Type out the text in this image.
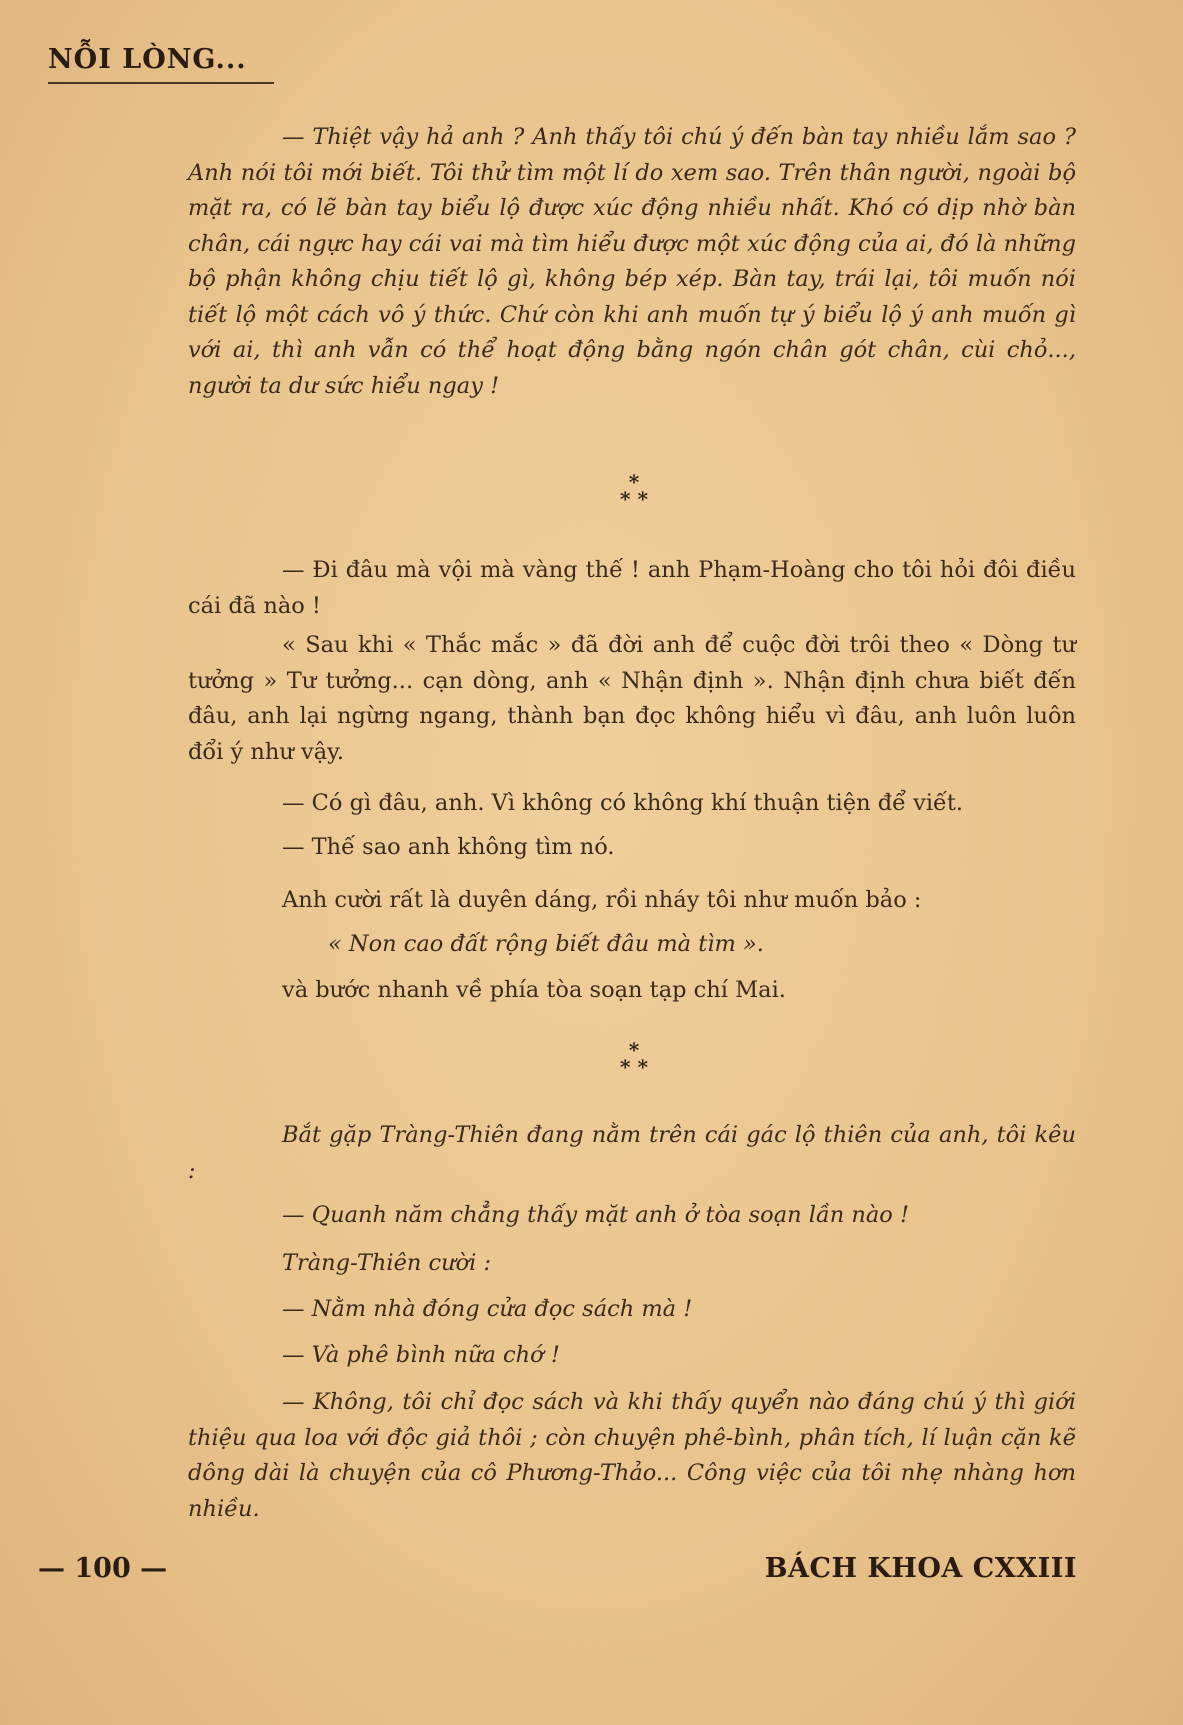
NỖI LÒNG...
— Thiệt vậy hả anh ? Anh thấy tôi chú ý đến bàn tay nhiều lắm sao ? Anh nói tôi mới biết. Tôi thử tìm một lí do xem sao. Trên thân người, ngoài bộ mặt ra, có lẽ bàn tay biểu lộ được xúc động nhiều nhất. Khó có dịp nhờ bàn chân, cái ngực hay cái vai mà tìm hiểu được một xúc động của ai, đó là những bộ phận không chịu tiết lộ gì, không bép xép. Bàn tay, trái lại, tôi muốn nói tiết lộ một cách vô ý thức. Chứ còn khi anh muốn tự ý biểu lộ ý anh muốn gì với ai, thì anh vẫn có thể hoạt động bằng ngón chân gót chân, cùi chỏ..., người ta dư sức hiểu ngay !
*
* *
— Đi đâu mà vội mà vàng thế ! anh Phạm-Hoàng cho tôi hỏi đôi điều cái đã nào !
« Sau khi « Thắc mắc » đã đời anh để cuộc đời trôi theo « Dòng tư tưởng » Tư tưởng... cạn dòng, anh « Nhận định ». Nhận định chưa biết đến đâu, anh lại ngừng ngang, thành bạn đọc không hiểu vì đâu, anh luôn luôn đổi ý như vậy.
— Có gì đâu, anh. Vì không có không khí thuận tiện để viết.
— Thế sao anh không tìm nó.
Anh cười rất là duyên dáng, rồi nháy tôi như muốn bảo :
« Non cao đất rộng biết đâu mà tìm ».
và bước nhanh về phía tòa soạn tạp chí Mai.
*
* *
Bắt gặp Tràng-Thiên đang nằm trên cái gác lộ thiên của anh, tôi kêu :
— Quanh năm chẳng thấy mặt anh ở tòa soạn lần nào !
Tràng-Thiên cười :
— Nằm nhà đóng cửa đọc sách mà !
— Và phê bình nữa chớ !
— Không, tôi chỉ đọc sách và khi thấy quyển nào đáng chú ý thì giới thiệu qua loa với độc giả thôi ; còn chuyện phê-bình, phân tích, lí luận cặn kẽ dông dài là chuyện của cô Phương-Thảo... Công việc của tôi nhẹ nhàng hơn nhiều.
— 100 —	BÁCH KHOA CXXIII
